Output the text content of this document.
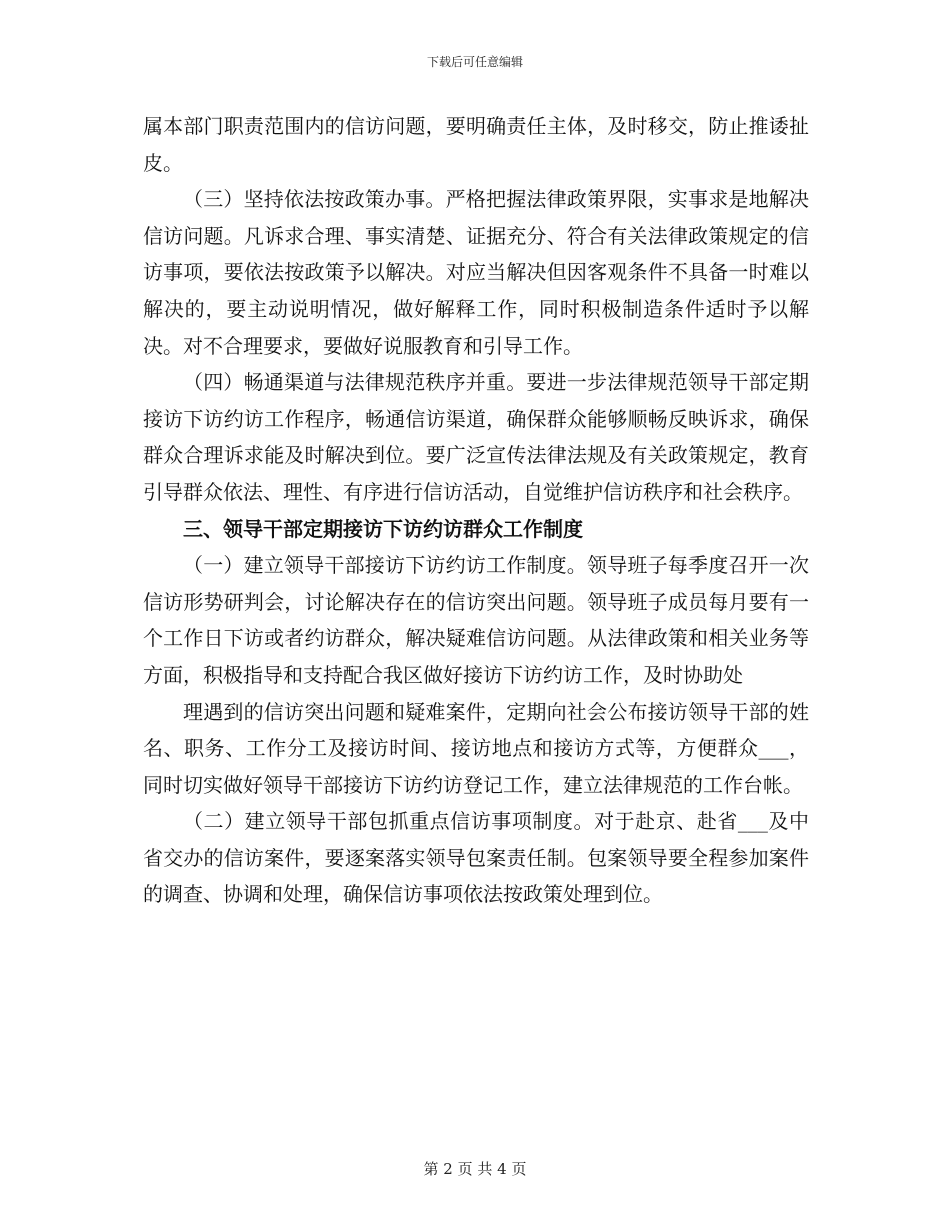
下载后可任意编辑

属本部门职责范围内的信访问题，要明确责任主体，及时移交，防止推诿扯皮。

（三）坚持依法按政策办事。严格把握法律政策界限，实事求是地解决信访问题。凡诉求合理、事实清楚、证据充分、符合有关法律政策规定的信访事项，要依法按政策予以解决。对应当解决但因客观条件不具备一时难以解决的，要主动说明情况，做好解释工作，同时积极制造条件适时予以解决。对不合理要求，要做好说服教育和引导工作。

（四）畅通渠道与法律规范秩序并重。要进一步法律规范领导干部定期接访下访约访工作程序，畅通信访渠道，确保群众能够顺畅反映诉求，确保群众合理诉求能及时解决到位。要广泛宣传法律法规及有关政策规定，教育引导群众依法、理性、有序进行信访活动，自觉维护信访秩序和社会秩序。

三、领导干部定期接访下访约访群众工作制度

（一）建立领导干部接访下访约访工作制度。领导班子每季度召开一次信访形势研判会，讨论解决存在的信访突出问题。领导班子成员每月要有一个工作日下访或者约访群众，解决疑难信访问题。从法律政策和相关业务等方面，积极指导和支持配合我区做好接访下访约访工作，及时协助处

理遇到的信访突出问题和疑难案件，定期向社会公布接访领导干部的姓名、职务、工作分工及接访时间、接访地点和接访方式等，方便群众___，同时切实做好领导干部接访下访约访登记工作，建立法律规范的工作台帐。

（二）建立领导干部包抓重点信访事项制度。对于赴京、赴省___及中省交办的信访案件，要逐案落实领导包案责任制。包案领导要全程参加案件的调查、协调和处理，确保信访事项依法按政策处理到位。

第 2 页 共 4 页
